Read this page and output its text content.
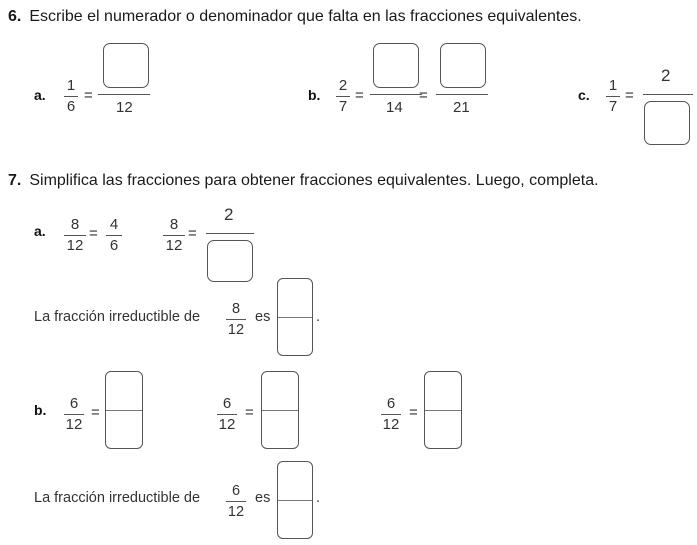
6. Escribe el numerador o denominador que falta en las fracciones equivalentes.
a.
1
6
=
12
b.
2
7
=
14
=
21
c.
1
7
=
2
7. Simplifica las fracciones para obtener fracciones equivalentes. Luego, completa.
a. 8
12
=
4
6
8
12
=
2
La fracción irreductible de 8
12
es	.
b. 6
12
=
6
12
=
6
12
=
La fracción irreductible de 6
12
es	.
